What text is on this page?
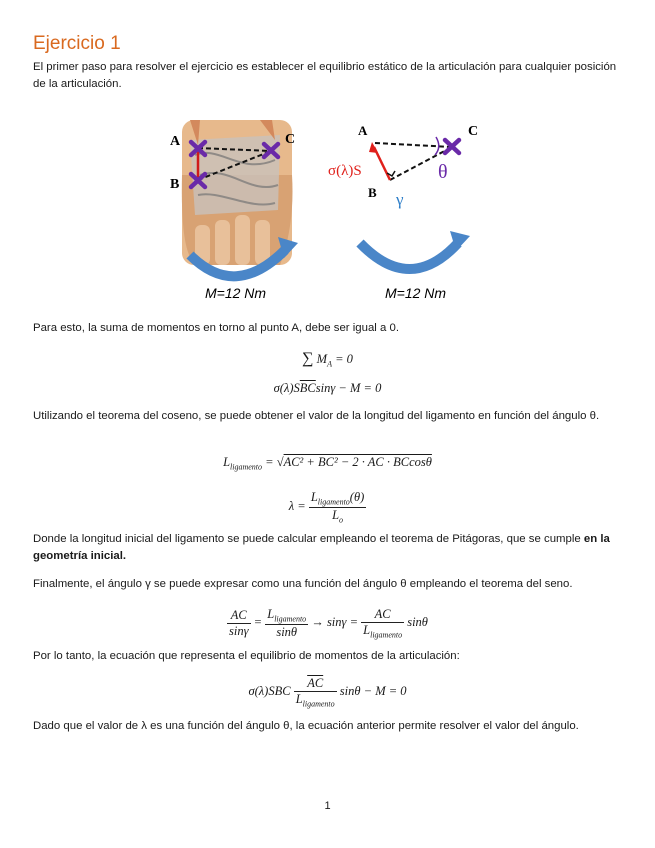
Ejercicio 1

El primer paso para resolver el ejercicio es establecer el equilibrio estático de la articulación para cualquier posición de la articulación.

A
B
C
A
B
C
σ(λ)S
γ
θ
M=12 Nm	M=12 Nm

Para esto, la suma de momentos en torno al punto A, debe ser igual a 0.

∑ $M_A = 0$
$\sigma(\lambda)S\overline{BC}\sin\gamma - M = 0$

Utilizando el teorema del coseno, se puede obtener el valor de la longitud del ligamento en función del ángulo θ.

$L_{ligamento} = √AC^2 + BC^2 - 2$ · AC · BCcosθ
$\lambda = \frac{L_{ligamento}(\theta)}{L_o}$

Donde la longitud inicial del ligamento se puede calcular empleando el teorema de Pitágoras, que se cumple en la geometría inicial.

Finalmente, el ángulo γ se puede expresar como una función del ángulo θ empleando el teorema del seno.

$\frac{AC}{\sin\gamma} = \frac{L_{ligamento}}{\sin\theta} \to \sin\gamma = \frac{AC}{L_{ligamento}}$ sinθ

Por lo tanto, la ecuación que representa el equilibrio de momentos de la articulación:

$\sigma(\lambda)SBC \frac{\overline{AC}}{L_{ligamento}}$ sinθ − M = 0

Dado que el valor de λ es una función del ángulo θ, la ecuación anterior permite resolver el valor del ángulo.

1
